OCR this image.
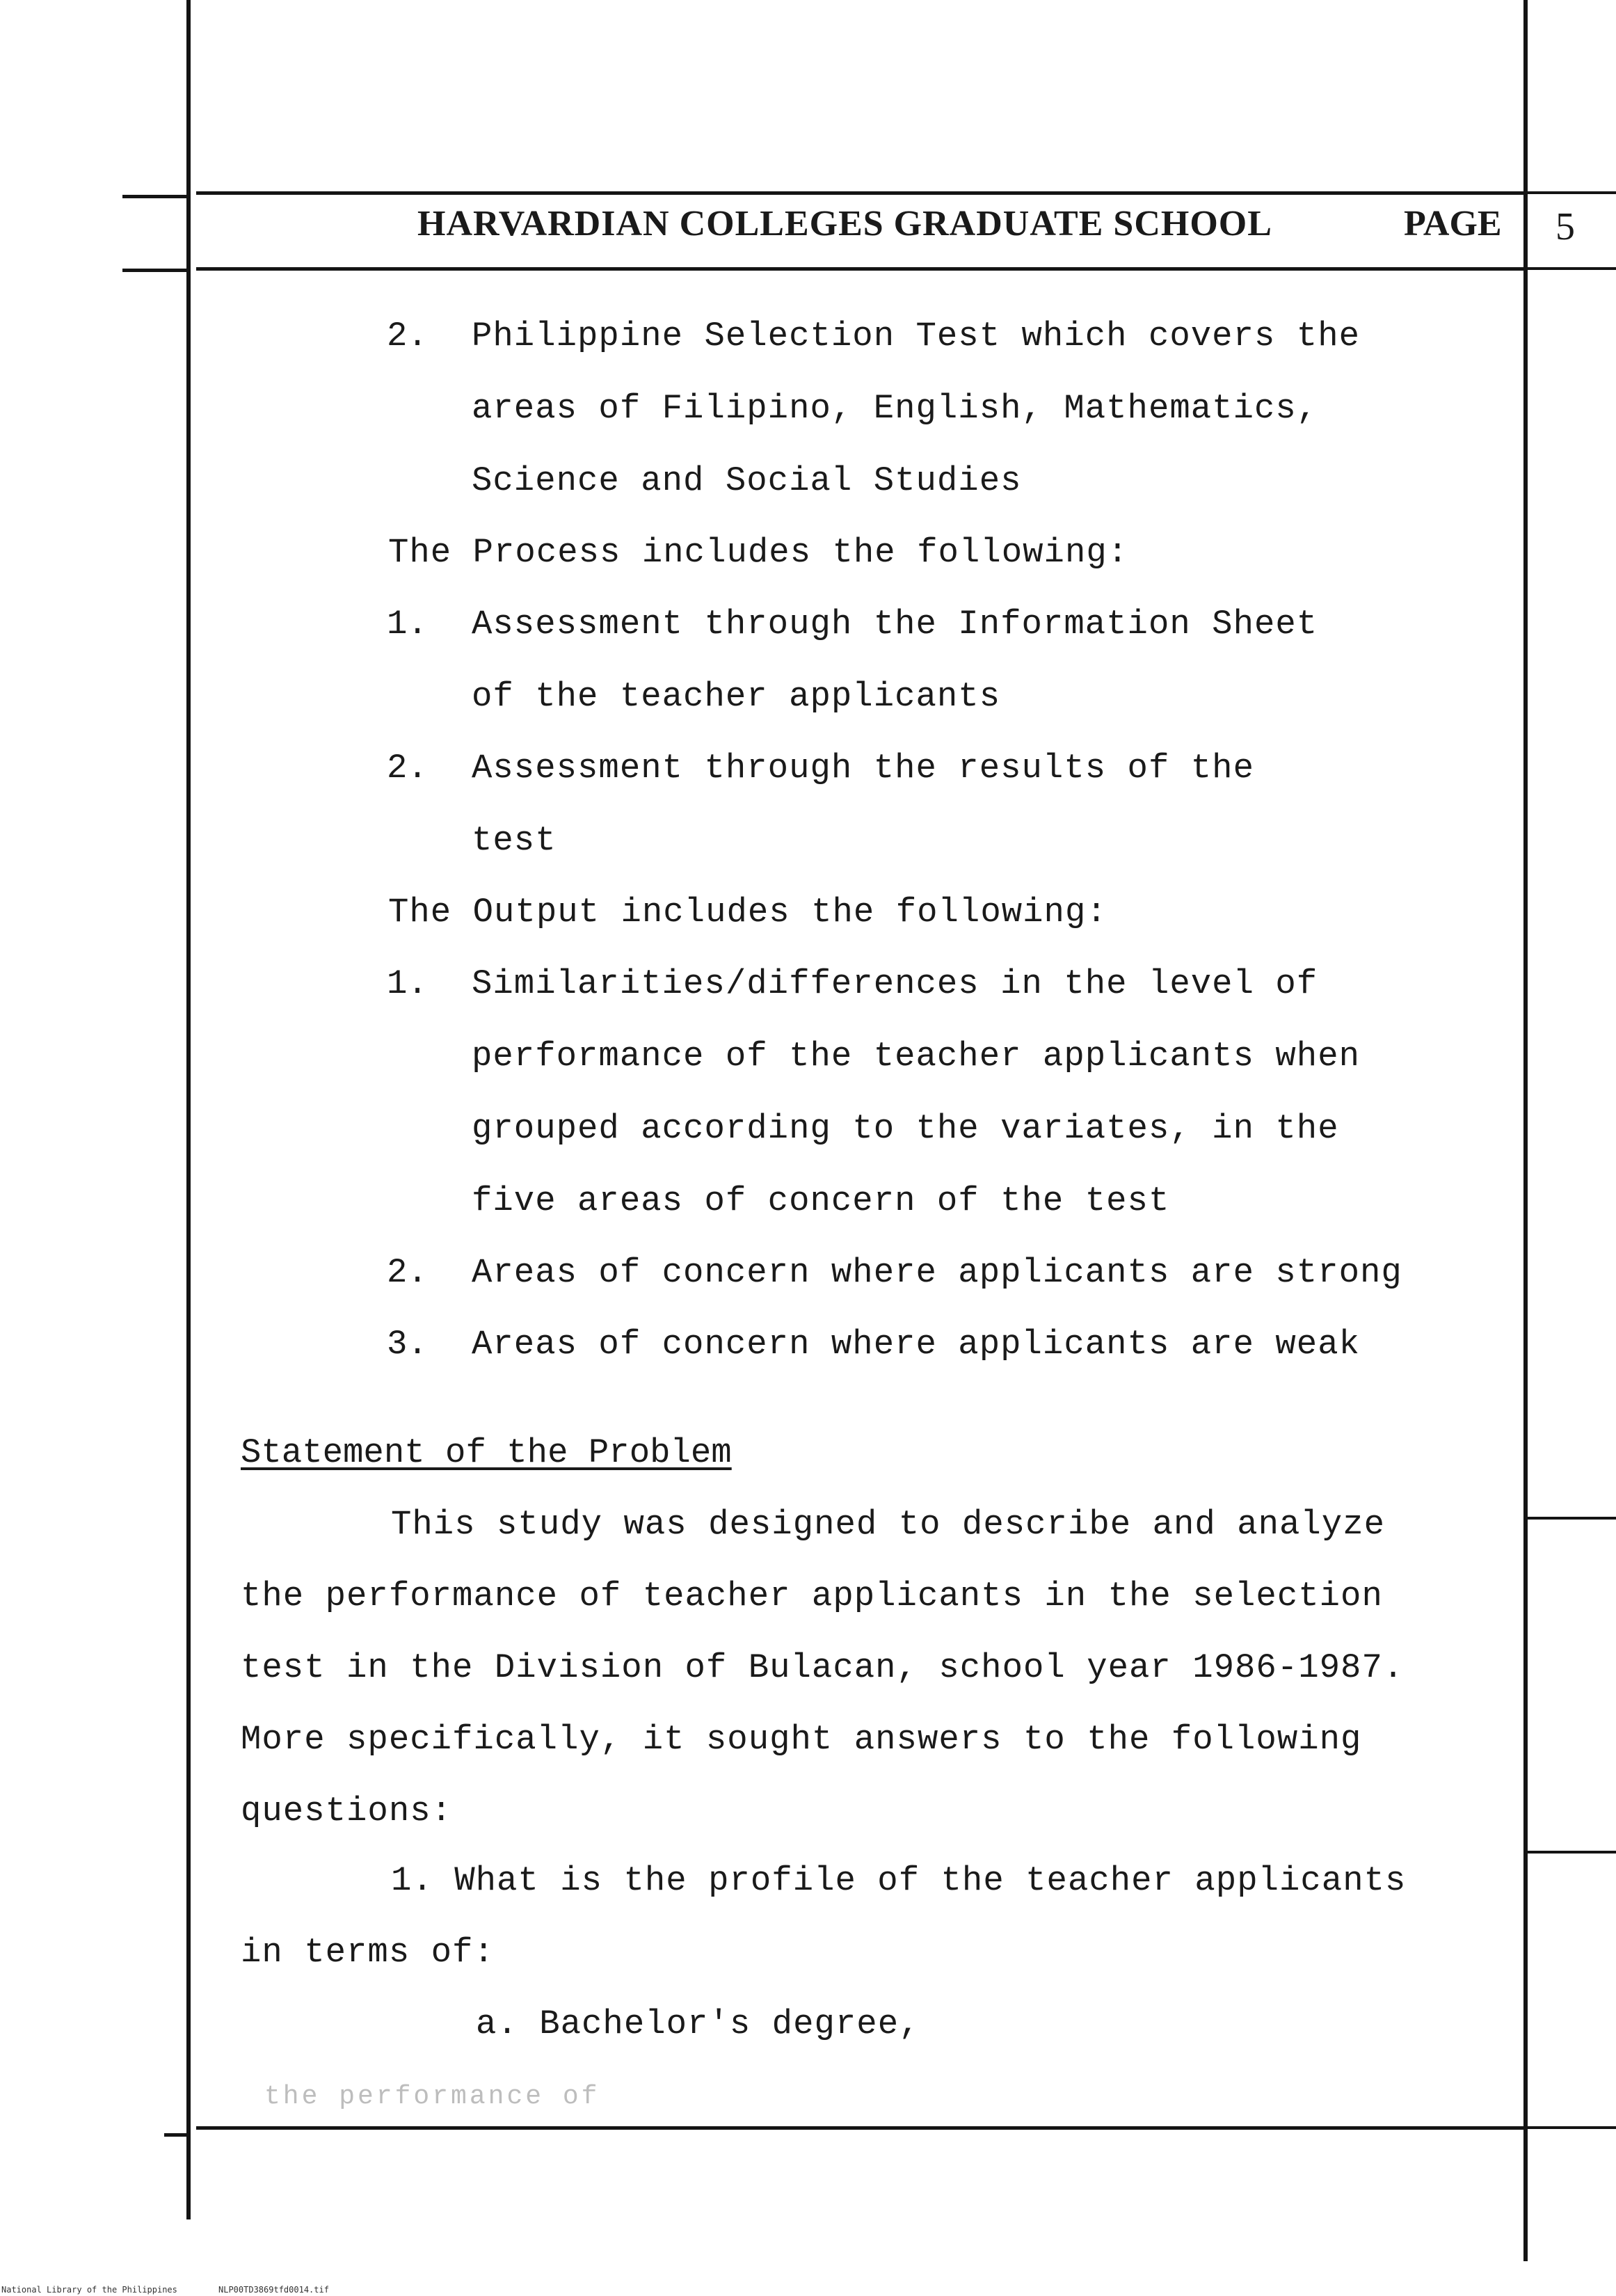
HARVARDIAN COLLEGES GRADUATE SCHOOL	PAGE 5
2. Philippine Selection Test which covers the
areas of Filipino, English, Mathematics,
Science and Social Studies
The Process includes the following:
1. Assessment through the Information Sheet
of the teacher applicants
2. Assessment through the results of the
test
The Output includes the following:
1. Similarities/differences in the level of
performance of the teacher applicants when
grouped according to the variates, in the
five areas of concern of the test
2. Areas of concern where applicants are strong
3. Areas of concern where applicants are weak
Statement of the Problem
This study was designed to describe and analyze
the performance of teacher applicants in the selection
test in the Division of Bulacan, school year 1986-1987.
More specifically, it sought answers to the following
questions:
1. What is the profile of the teacher applicants
in terms of:
a. Bachelor's degree,
the performance of
National Library of the Philippines	NLP00TD3869tfd0014.tif
